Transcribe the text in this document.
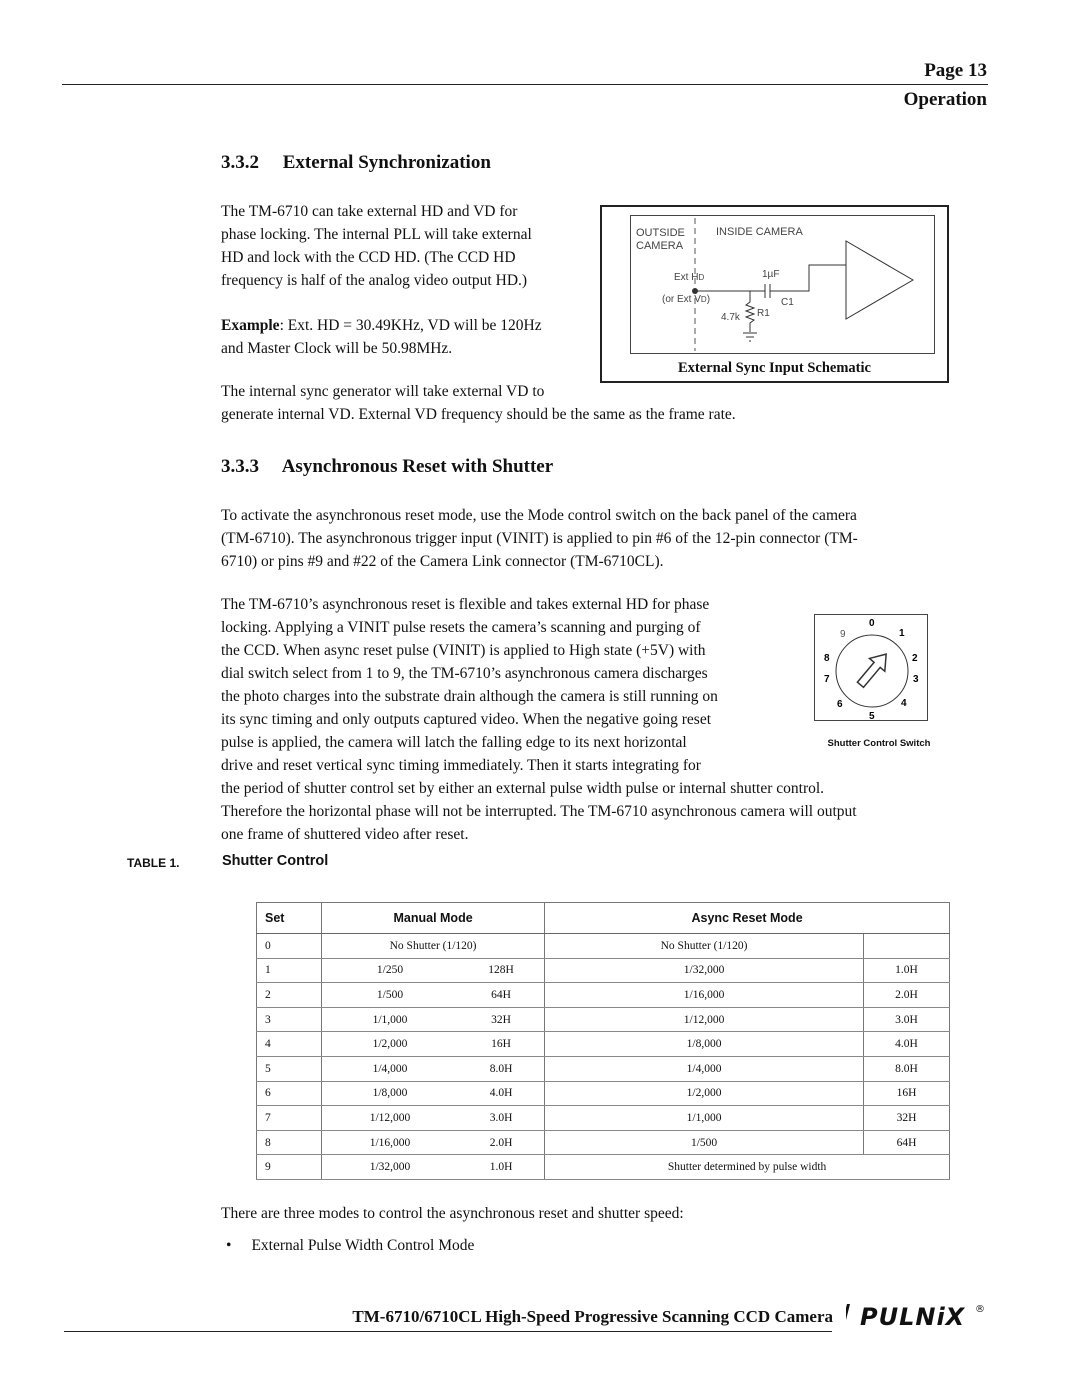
Page 13
Operation
3.3.2     External Synchronization
The TM-6710 can take external HD and VD for
phase locking. The internal PLL will take external
HD and lock with the CCD HD. (The CCD HD
frequency is half of the analog video output HD.)
Example: Ext. HD = 30.49KHz, VD will be 120Hz
and Master Clock will be 50.98MHz.
The internal sync generator will take external VD to
generate internal VD. External VD frequency should be the same as the frame rate.
OUTSIDE
CAMERA
INSIDE CAMERA
Ext HD
(or Ext VD)
1µF
C1
4.7k R1
External Sync Input Schematic
3.3.3     Asynchronous Reset with Shutter
To activate the asynchronous reset mode, use the Mode control switch on the back panel of the camera
(TM-6710). The asynchronous trigger input (VINIT) is applied to pin #6 of the 12-pin connector (TM-
6710) or pins #9 and #22 of the Camera Link connector (TM-6710CL).
The TM-6710’s asynchronous reset is flexible and takes external HD for phase
locking. Applying a VINIT pulse resets the camera’s scanning and purging of
the CCD. When async reset pulse (VINIT) is applied to High state (+5V) with
dial switch select from 1 to 9, the TM-6710’s asynchronous camera discharges
the photo charges into the substrate drain although the camera is still running on
its sync timing and only outputs captured video. When the negative going reset
pulse is applied, the camera will latch the falling edge to its next horizontal
drive and reset vertical sync timing immediately. Then it starts integrating for
the period of shutter control set by either an external pulse width pulse or internal shutter control.
Therefore the horizontal phase will not be interrupted. The TM-6710 asynchronous camera will output
one frame of shuttered video after reset.
0
1
2
3
4
5
6
7
8
9
Shutter Control Switch
TABLE 1.	Shutter Control
Set	Manual Mode		Async Reset Mode	
0	No Shutter (1/120)		No Shutter (1/120)	
1	1/250	128H	1/32,000	1.0H
2	1/500	64H	1/16,000	2.0H
3	1/1,000	32H	1/12,000	3.0H
4	1/2,000	16H	1/8,000	4.0H
5	1/4,000	8.0H	1/4,000	8.0H
6	1/8,000	4.0H	1/2,000	16H
7	1/12,000	3.0H	1/1,000	32H
8	1/16,000	2.0H	1/500	64H
9	1/32,000	1.0H	Shutter determined by pulse width	
There are three modes to control the asynchronous reset and shutter speed:
• External Pulse Width Control Mode
TM-6710/6710CL High-Speed Progressive Scanning CCD Camera PULNiX ®
